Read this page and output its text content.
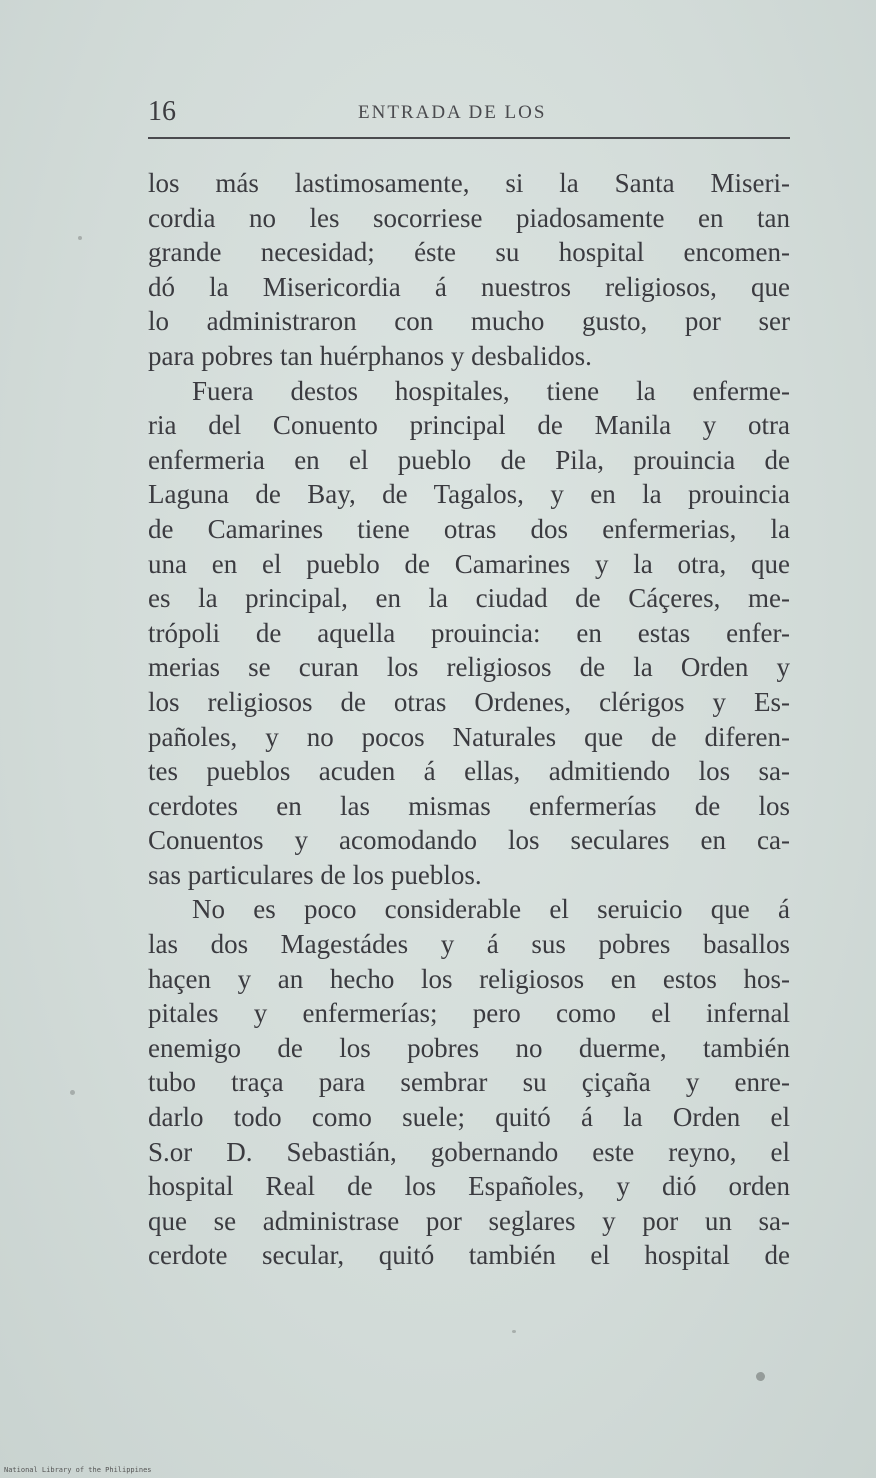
16	ENTRADA DE LOS
los más lastimosamente, si la Santa Miseri-
cordia no les socorriese piadosamente en tan
grande necesidad; éste su hospital encomen-
dó la Misericordia á nuestros religiosos, que
lo administraron con mucho gusto, por ser
para pobres tan huérphanos y desbalidos.
Fuera destos hospitales, tiene la enferme-
ria del Conuento principal de Manila y otra
enfermeria en el pueblo de Pila, prouincia de
Laguna de Bay, de Tagalos, y en la prouincia
de Camarines tiene otras dos enfermerias, la
una en el pueblo de Camarines y la otra, que
es la principal, en la ciudad de Cáçeres, me-
trópoli de aquella prouincia: en estas enfer-
merias se curan los religiosos de la Orden y
los religiosos de otras Ordenes, clérigos y Es-
pañoles, y no pocos Naturales que de diferen-
tes pueblos acuden á ellas, admitiendo los sa-
cerdotes en las mismas enfermerías de los
Conuentos y acomodando los seculares en ca-
sas particulares de los pueblos.
No es poco considerable el seruicio que á
las dos Magestádes y á sus pobres basallos
haçen y an hecho los religiosos en estos hos-
pitales y enfermerías; pero como el infernal
enemigo de los pobres no duerme, también
tubo traça para sembrar su çiçaña y enre-
darlo todo como suele; quitó á la Orden el
S.or D. Sebastián, gobernando este reyno, el
hospital Real de los Españoles, y dió orden
que se administrase por seglares y por un sa-
cerdote secular, quitó también el hospital de
National Library of the Philippines
